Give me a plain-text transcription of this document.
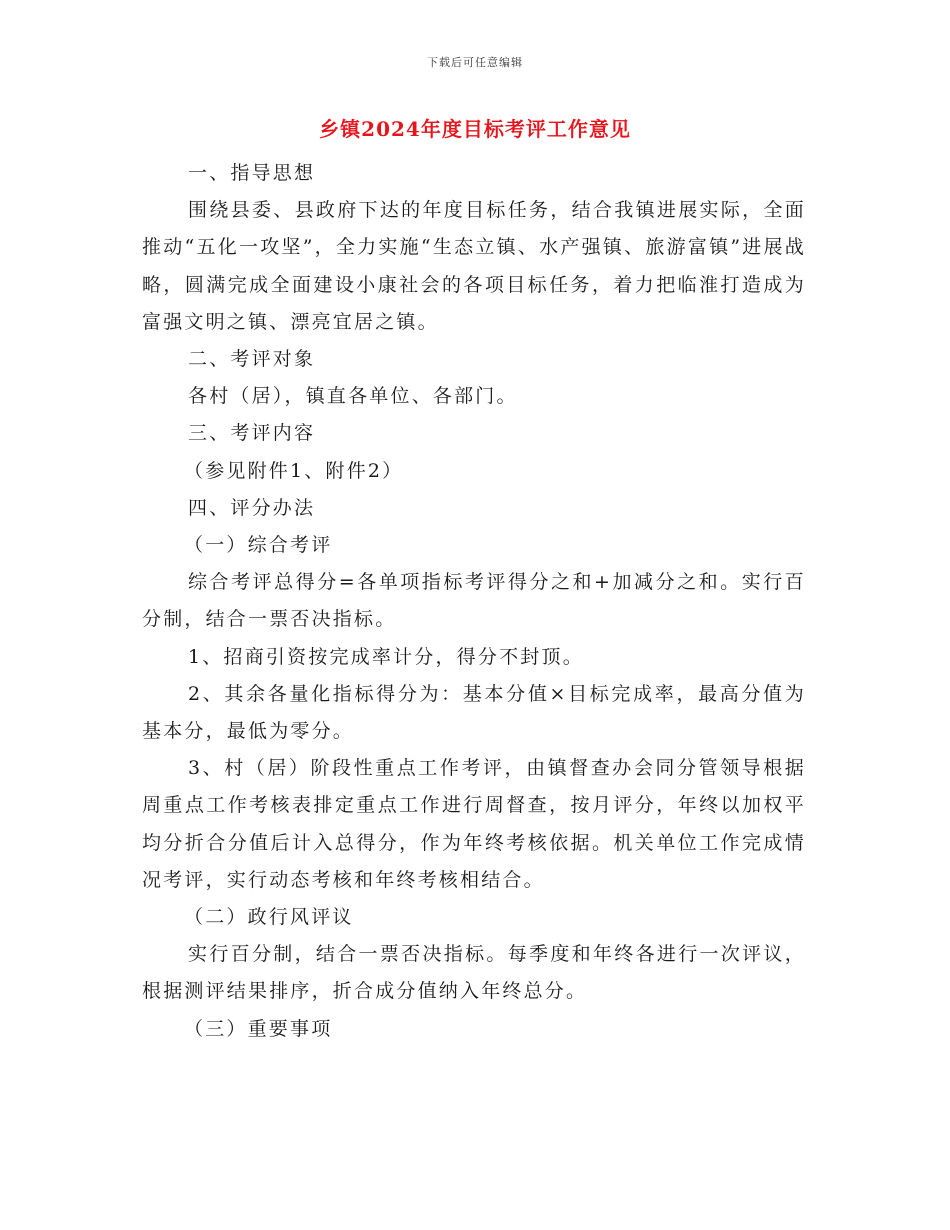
下载后可任意编辑
乡镇2024年度目标考评工作意见

一、指导思想

围绕县委、县政府下达的年度目标任务，结合我镇进展实际，全面推动“五化一攻坚”，全力实施“生态立镇、水产强镇、旅游富镇”进展战略，圆满完成全面建设小康社会的各项目标任务，着力把临淮打造成为富强文明之镇、漂亮宜居之镇。

二、考评对象

各村（居），镇直各单位、各部门。

三、考评内容

（参见附件1、附件2）

四、评分办法

（一）综合考评

综合考评总得分=各单项指标考评得分之和+加减分之和。实行百分制，结合一票否决指标。

1、招商引资按完成率计分，得分不封顶。

2、其余各量化指标得分为：基本分值×目标完成率，最高分值为基本分，最低为零分。

3、村（居）阶段性重点工作考评，由镇督查办会同分管领导根据周重点工作考核表排定重点工作进行周督查，按月评分，年终以加权平均分折合分值后计入总得分，作为年终考核依据。机关单位工作完成情况考评，实行动态考核和年终考核相结合。

（二）政行风评议

实行百分制，结合一票否决指标。每季度和年终各进行一次评议，根据测评结果排序，折合成分值纳入年终总分。

（三）重要事项
